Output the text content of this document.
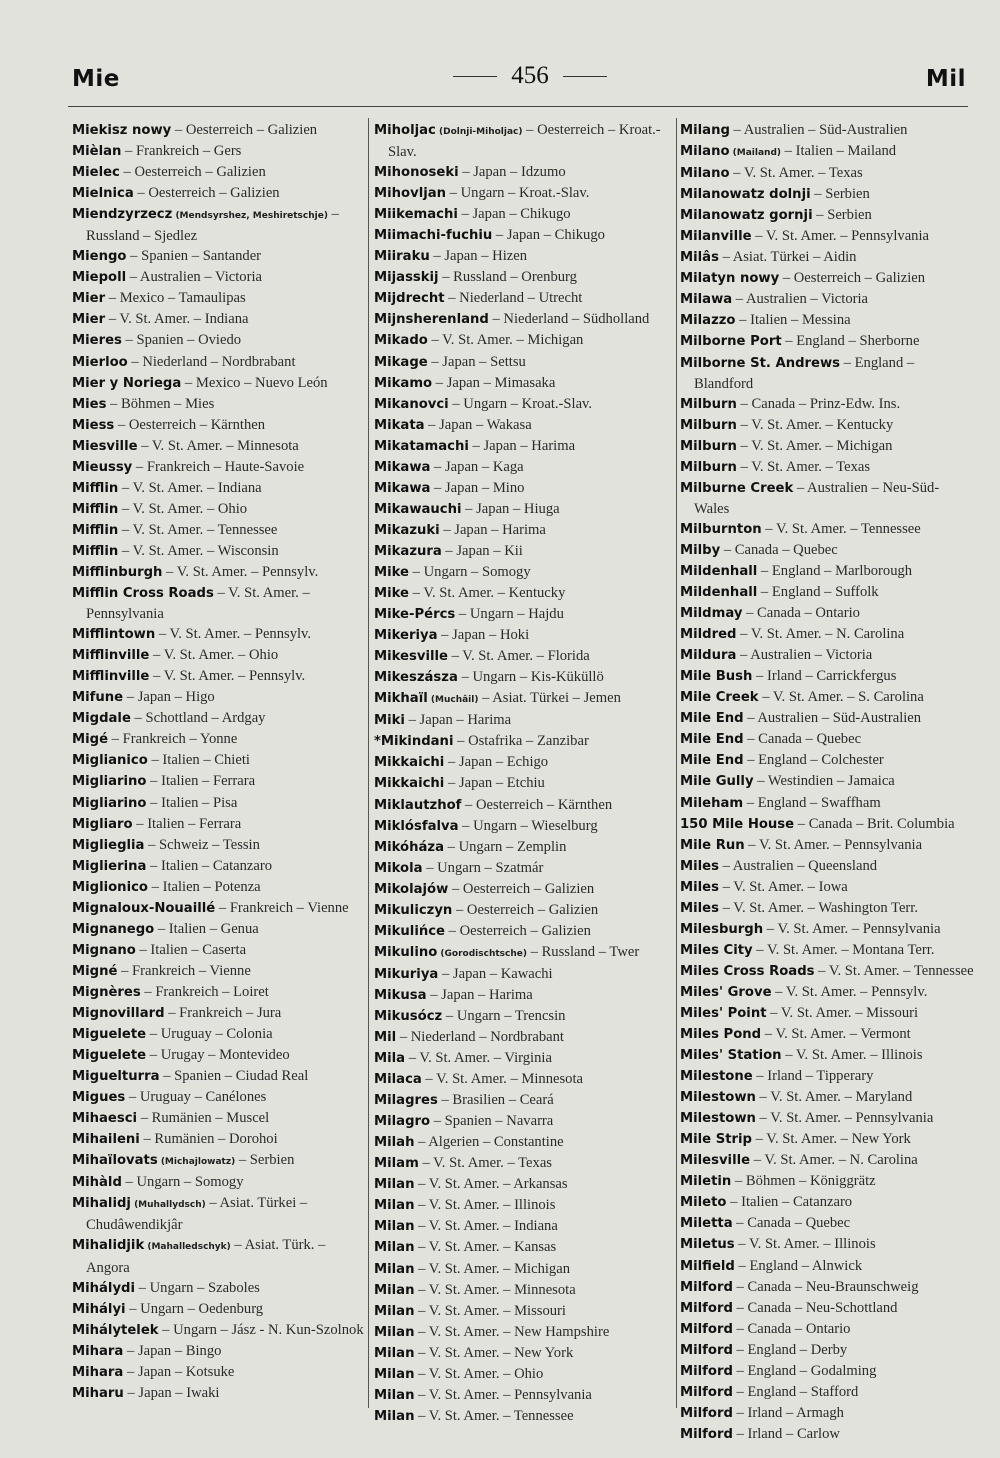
Mie	456	Mil
Miekisz nowy – Oesterreich – Galizien
Mièlan – Frankreich – Gers
Mielec – Oesterreich – Galizien
Mielnica – Oesterreich – Galizien
Miendzyrzecz (Mendsyrshez, Meshiretschje) – Russland – Sjedlez
Miengo – Spanien – Santander
Miepoll – Australien – Victoria
Mier – Mexico – Tamaulipas
Mier – V. St. Amer. – Indiana
Mieres – Spanien – Oviedo
Mierloo – Niederland – Nordbrabant
Mier y Noriega – Mexico – Nuevo León
Mies – Böhmen – Mies
Miess – Oesterreich – Kärnthen
Miesville – V. St. Amer. – Minnesota
Mieussy – Frankreich – Haute-Savoie
Mifflin – V. St. Amer. – Indiana
Mifflin – V. St. Amer. – Ohio
Mifflin – V. St. Amer. – Tennessee
Mifflin – V. St. Amer. – Wisconsin
Mifflinburgh – V. St. Amer. – Pennsylv.
Mifflin Cross Roads – V. St. Amer. – Pennsylvania
Mifflintown – V. St. Amer. – Pennsylv.
Mifflinville – V. St. Amer. – Ohio
Mifflinville – V. St. Amer. – Pennsylv.
Mifune – Japan – Higo
Migdale – Schottland – Ardgay
Migé – Frankreich – Yonne
Miglianico – Italien – Chieti
Migliarino – Italien – Ferrara
Migliarino – Italien – Pisa
Migliaro – Italien – Ferrara
Miglieglia – Schweiz – Tessin
Miglierina – Italien – Catanzaro
Miglionico – Italien – Potenza
Mignaloux-Nouaillé – Frankreich – Vienne
Mignanego – Italien – Genua
Mignano – Italien – Caserta
Migné – Frankreich – Vienne
Mignères – Frankreich – Loiret
Mignovillard – Frankreich – Jura
Miguelete – Uruguay – Colonia
Miguelete – Urugay – Montevideo
Miguelturra – Spanien – Ciudad Real
Migues – Uruguay – Canélones
Mihaesci – Rumänien – Muscel
Mihaileni – Rumänien – Dorohoi
Mihaïlovats (Michajlowatz) – Serbien
Mihàld – Ungarn – Somogy
Mihalidj (Muhallydsch) – Asiat. Türkei – Chudâwendikjâr
Mihalidjik (Mahalledschyk) – Asiat. Türk. – Angora
Mihálydi – Ungarn – Szaboles
Mihályi – Ungarn – Oedenburg
Mihálytelek – Ungarn – Jász - N. Kun-Szolnok
Mihara – Japan – Bingo
Mihara – Japan – Kotsuke
Miharu – Japan – Iwaki
Miholjac (Dolnji-Miholjac) – Oesterreich – Kroat.-Slav.
Mihonoseki – Japan – Idzumo
Mihovljan – Ungarn – Kroat.-Slav.
Miikemachi – Japan – Chikugo
Miimachi-fuchiu – Japan – Chikugo
Miiraku – Japan – Hizen
Mijasskij – Russland – Orenburg
Mijdrecht – Niederland – Utrecht
Mijnsherenland – Niederland – Südholland
Mikado – V. St. Amer. – Michigan
Mikage – Japan – Settsu
Mikamo – Japan – Mimasaka
Mikanovci – Ungarn – Kroat.-Slav.
Mikata – Japan – Wakasa
Mikatamachi – Japan – Harima
Mikawa – Japan – Kaga
Mikawa – Japan – Mino
Mikawauchi – Japan – Hiuga
Mikazuki – Japan – Harima
Mikazura – Japan – Kii
Mike – Ungarn – Somogy
Mike – V. St. Amer. – Kentucky
Mike-Pércs – Ungarn – Hajdu
Mikeriya – Japan – Hoki
Mikesville – V. St. Amer. – Florida
Mikeszásza – Ungarn – Kis-Küküllö
Mikhaïl (Muchâil) – Asiat. Türkei – Jemen
Miki – Japan – Harima
*Mikindani – Ostafrika – Zanzibar
Mikkaichi – Japan – Echigo
Mikkaichi – Japan – Etchiu
Miklautzhof – Oesterreich – Kärnthen
Miklósfalva – Ungarn – Wieselburg
Mikóháza – Ungarn – Zemplin
Mikola – Ungarn – Szatmár
Mikolajów – Oesterreich – Galizien
Mikuliczyn – Oesterreich – Galizien
Mikulińce – Oesterreich – Galizien
Mikulino (Gorodischtsche) – Russland – Twer
Mikuriya – Japan – Kawachi
Mikusa – Japan – Harima
Mikusócz – Ungarn – Trencsin
Mil – Niederland – Nordbrabant
Mila – V. St. Amer. – Virginia
Milaca – V. St. Amer. – Minnesota
Milagres – Brasilien – Ceará
Milagro – Spanien – Navarra
Milah – Algerien – Constantine
Milam – V. St. Amer. – Texas
Milan – V. St. Amer. – Arkansas
Milan – V. St. Amer. – Illinois
Milan – V. St. Amer. – Indiana
Milan – V. St. Amer. – Kansas
Milan – V. St. Amer. – Michigan
Milan – V. St. Amer. – Minnesota
Milan – V. St. Amer. – Missouri
Milan – V. St. Amer. – New Hampshire
Milan – V. St. Amer. – New York
Milan – V. St. Amer. – Ohio
Milan – V. St. Amer. – Pennsylvania
Milan – V. St. Amer. – Tennessee
Milang – Australien – Süd-Australien
Milano (Mailand) – Italien – Mailand
Milano – V. St. Amer. – Texas
Milanowatz dolnji – Serbien
Milanowatz gornji – Serbien
Milanville – V. St. Amer. – Pennsylvania
Milâs – Asiat. Türkei – Aidin
Milatyn nowy – Oesterreich – Galizien
Milawa – Australien – Victoria
Milazzo – Italien – Messina
Milborne Port – England – Sherborne
Milborne St. Andrews – England – Blandford
Milburn – Canada – Prinz-Edw. Ins.
Milburn – V. St. Amer. – Kentucky
Milburn – V. St. Amer. – Michigan
Milburn – V. St. Amer. – Texas
Milburne Creek – Australien – Neu-Süd-Wales
Milburnton – V. St. Amer. – Tennessee
Milby – Canada – Quebec
Mildenhall – England – Marlborough
Mildenhall – England – Suffolk
Mildmay – Canada – Ontario
Mildred – V. St. Amer. – N. Carolina
Mildura – Australien – Victoria
Mile Bush – Irland – Carrickfergus
Mile Creek – V. St. Amer. – S. Carolina
Mile End – Australien – Süd-Australien
Mile End – Canada – Quebec
Mile End – England – Colchester
Mile Gully – Westindien – Jamaica
Mileham – England – Swaffham
150 Mile House – Canada – Brit. Columbia
Mile Run – V. St. Amer. – Pennsylvania
Miles – Australien – Queensland
Miles – V. St. Amer. – Iowa
Miles – V. St. Amer. – Washington Terr.
Milesburgh – V. St. Amer. – Pennsylvania
Miles City – V. St. Amer. – Montana Terr.
Miles Cross Roads – V. St. Amer. – Tennessee
Miles' Grove – V. St. Amer. – Pennsylv.
Miles' Point – V. St. Amer. – Missouri
Miles Pond – V. St. Amer. – Vermont
Miles' Station – V. St. Amer. – Illinois
Milestone – Irland – Tipperary
Milestown – V. St. Amer. – Maryland
Milestown – V. St. Amer. – Pennsylvania
Mile Strip – V. St. Amer. – New York
Milesville – V. St. Amer. – N. Carolina
Miletin – Böhmen – Königgrätz
Mileto – Italien – Catanzaro
Miletta – Canada – Quebec
Miletus – V. St. Amer. – Illinois
Milfield – England – Alnwick
Milford – Canada – Neu-Braunschweig
Milford – Canada – Neu-Schottland
Milford – Canada – Ontario
Milford – England – Derby
Milford – England – Godalming
Milford – England – Stafford
Milford – Irland – Armagh
Milford – Irland – Carlow
